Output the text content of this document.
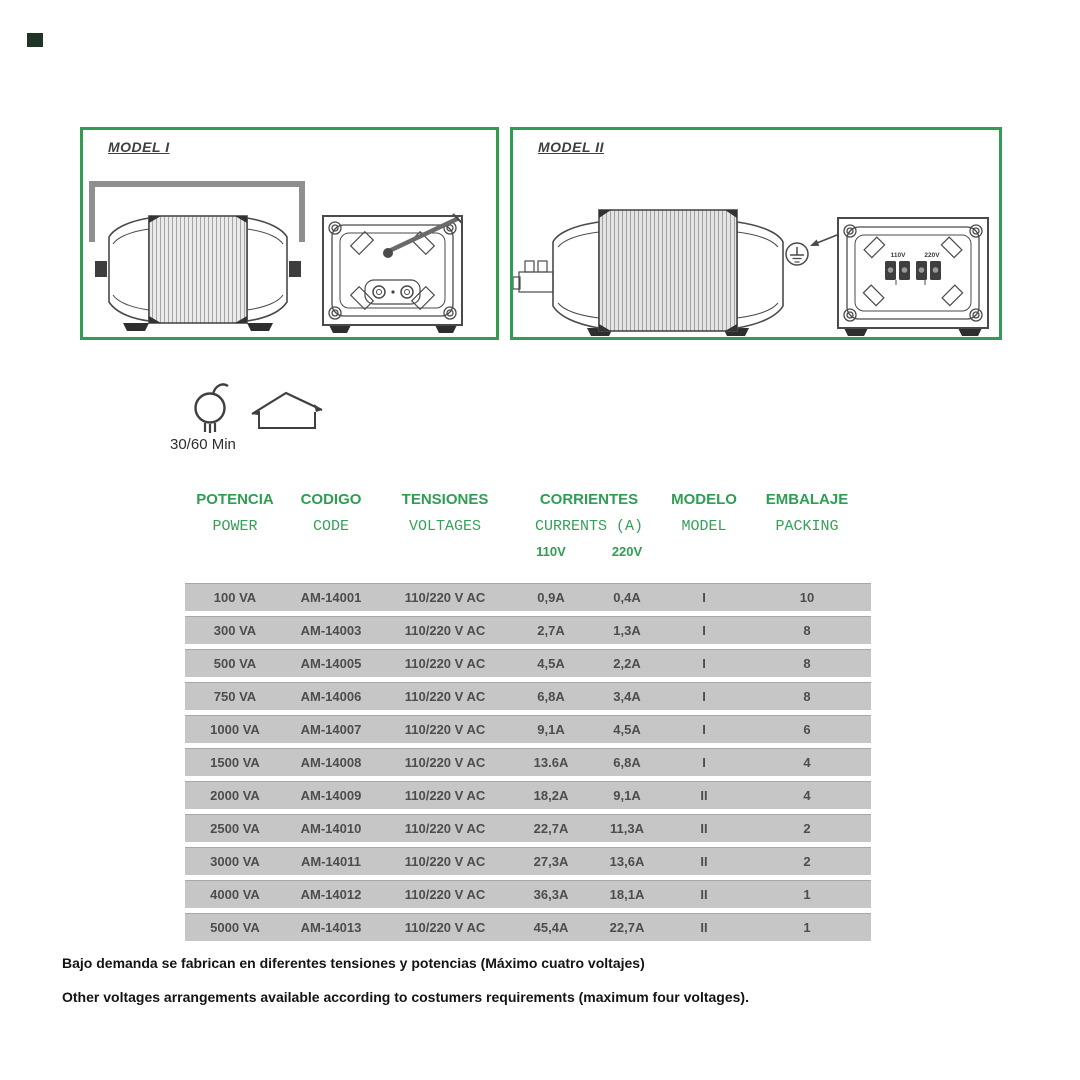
MODEL I	MODEL II
110V	220V
30/60 Min
POTENCIA	CODIGO	TENSIONES	CORRIENTES	MODELO	EMBALAJE
POWER	CODE	VOLTAGES	CURRENTS (A)	MODEL	PACKING
110V	220V
100 VA	AM-14001	110/220 V AC	0,9A	0,4A	I	10
300 VA	AM-14003	110/220 V AC	2,7A	1,3A	I	8
500 VA	AM-14005	110/220 V AC	4,5A	2,2A	I	8
750 VA	AM-14006	110/220 V AC	6,8A	3,4A	I	8
1000 VA	AM-14007	110/220 V AC	9,1A	4,5A	I	6
1500 VA	AM-14008	110/220 V AC	13.6A	6,8A	I	4
2000 VA	AM-14009	110/220 V AC	18,2A	9,1A	II	4
2500 VA	AM-14010	110/220 V AC	22,7A	11,3A	II	2
3000 VA	AM-14011	110/220 V AC	27,3A	13,6A	II	2
4000 VA	AM-14012	110/220 V AC	36,3A	18,1A	II	1
5000 VA	AM-14013	110/220 V AC	45,4A	22,7A	II	1
Bajo demanda se fabrican en diferentes tensiones y potencias (Máximo cuatro voltajes)
Other voltages arrangements available according to costumers requirements (maximum four voltages).
